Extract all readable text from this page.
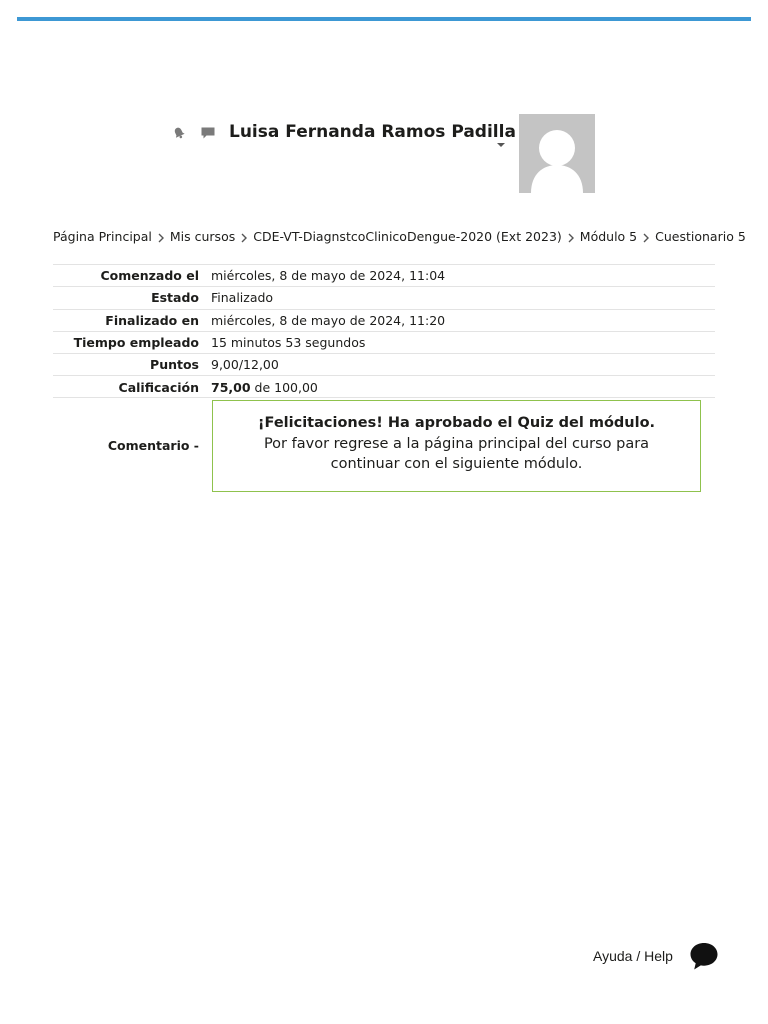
Luisa Fernanda Ramos Padilla
Página Principal Mis cursos CDE-VT-DiagnstcoClinicoDengue-2020 (Ext 2023) Módulo 5 Cuestionario 5
Comenzado el miércoles, 8 de mayo de 2024, 11:04
Estado Finalizado
Finalizado en miércoles, 8 de mayo de 2024, 11:20
Tiempo empleado 15 minutos 53 segundos
Puntos 9,00/12,00
Calificación 75,00 de 100,00
Comentario -
¡Felicitaciones! Ha aprobado el Quiz del módulo.
Por favor regrese a la página principal del curso para continuar con el siguiente módulo.
Ayuda / Help
